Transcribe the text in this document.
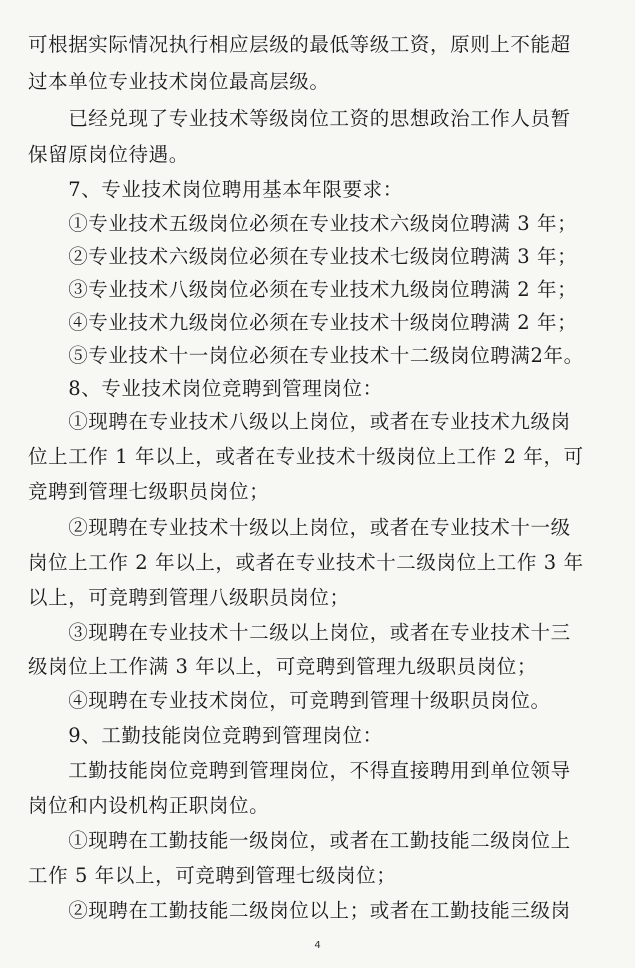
可根据实际情况执行相应层级的最低等级工资，原则上不能超
过本单位专业技术岗位最高层级。
　　已经兑现了专业技术等级岗位工资的思想政治工作人员暂
保留原岗位待遇。
　　7、专业技术岗位聘用基本年限要求：
　　①专业技术五级岗位必须在专业技术六级岗位聘满 3 年；
　　②专业技术六级岗位必须在专业技术七级岗位聘满 3 年；
　　③专业技术八级岗位必须在专业技术九级岗位聘满 2 年；
　　④专业技术九级岗位必须在专业技术十级岗位聘满 2 年；
　　⑤专业技术十一岗位必须在专业技术十二级岗位聘满2年。
　　8、专业技术岗位竞聘到管理岗位：
　　①现聘在专业技术八级以上岗位，或者在专业技术九级岗
位上工作 1 年以上，或者在专业技术十级岗位上工作 2 年，可
竞聘到管理七级职员岗位；
　　②现聘在专业技术十级以上岗位，或者在专业技术十一级
岗位上工作 2 年以上，或者在专业技术十二级岗位上工作 3 年
以上，可竞聘到管理八级职员岗位；
　　③现聘在专业技术十二级以上岗位，或者在专业技术十三
级岗位上工作满 3 年以上，可竞聘到管理九级职员岗位；
　　④现聘在专业技术岗位，可竞聘到管理十级职员岗位。
　　9、工勤技能岗位竞聘到管理岗位：
　　工勤技能岗位竞聘到管理岗位，不得直接聘用到单位领导
岗位和内设机构正职岗位。
　　①现聘在工勤技能一级岗位，或者在工勤技能二级岗位上
工作 5 年以上，可竞聘到管理七级岗位；
　　②现聘在工勤技能二级岗位以上；或者在工勤技能三级岗
4
